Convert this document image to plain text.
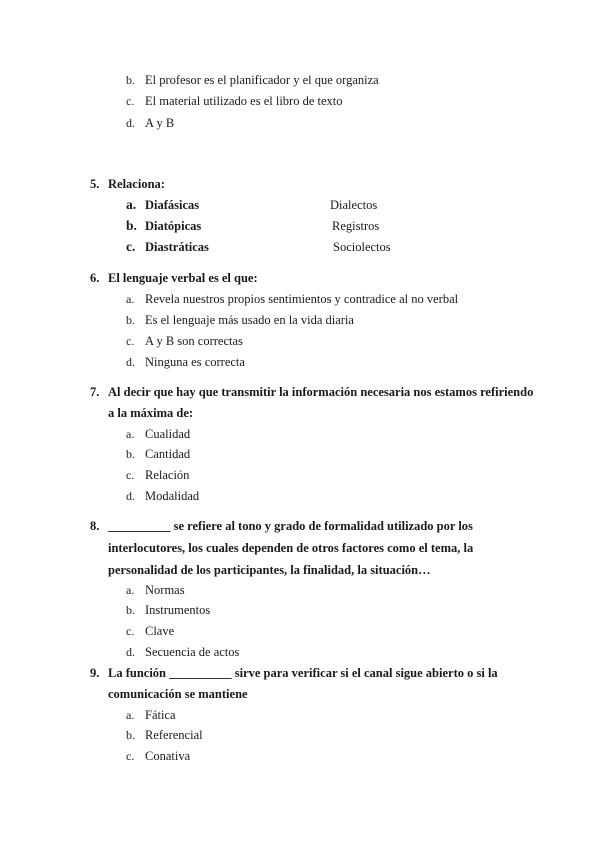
b. El profesor es el planificador y el que organiza
c. El material utilizado es el libro de texto
d. A y B
5. Relaciona:
a. Diafásicas	Dialectos
b. Diatópicas	Registros
c. Diastráticas	Sociolectos
6. El lenguaje verbal es el que:
a. Revela nuestros propios sentimientos y contradice al no verbal
b. Es el lenguaje más usado en la vida diaria
c. A y B son correctas
d. Ninguna es correcta
7. Al decir que hay que transmitir la información necesaria nos estamos refiriendo
a la máxima de:
a. Cualidad
b. Cantidad
c. Relación
d. Modalidad
8. __________ se refiere al tono y grado de formalidad utilizado por los
interlocutores, los cuales dependen de otros factores como el tema, la
personalidad de los participantes, la finalidad, la situación…
a. Normas
b. Instrumentos
c. Clave
d. Secuencia de actos
9. La función __________ sirve para verificar si el canal sigue abierto o si la
comunicación se mantiene
a. Fática
b. Referencial
c. Conativa
